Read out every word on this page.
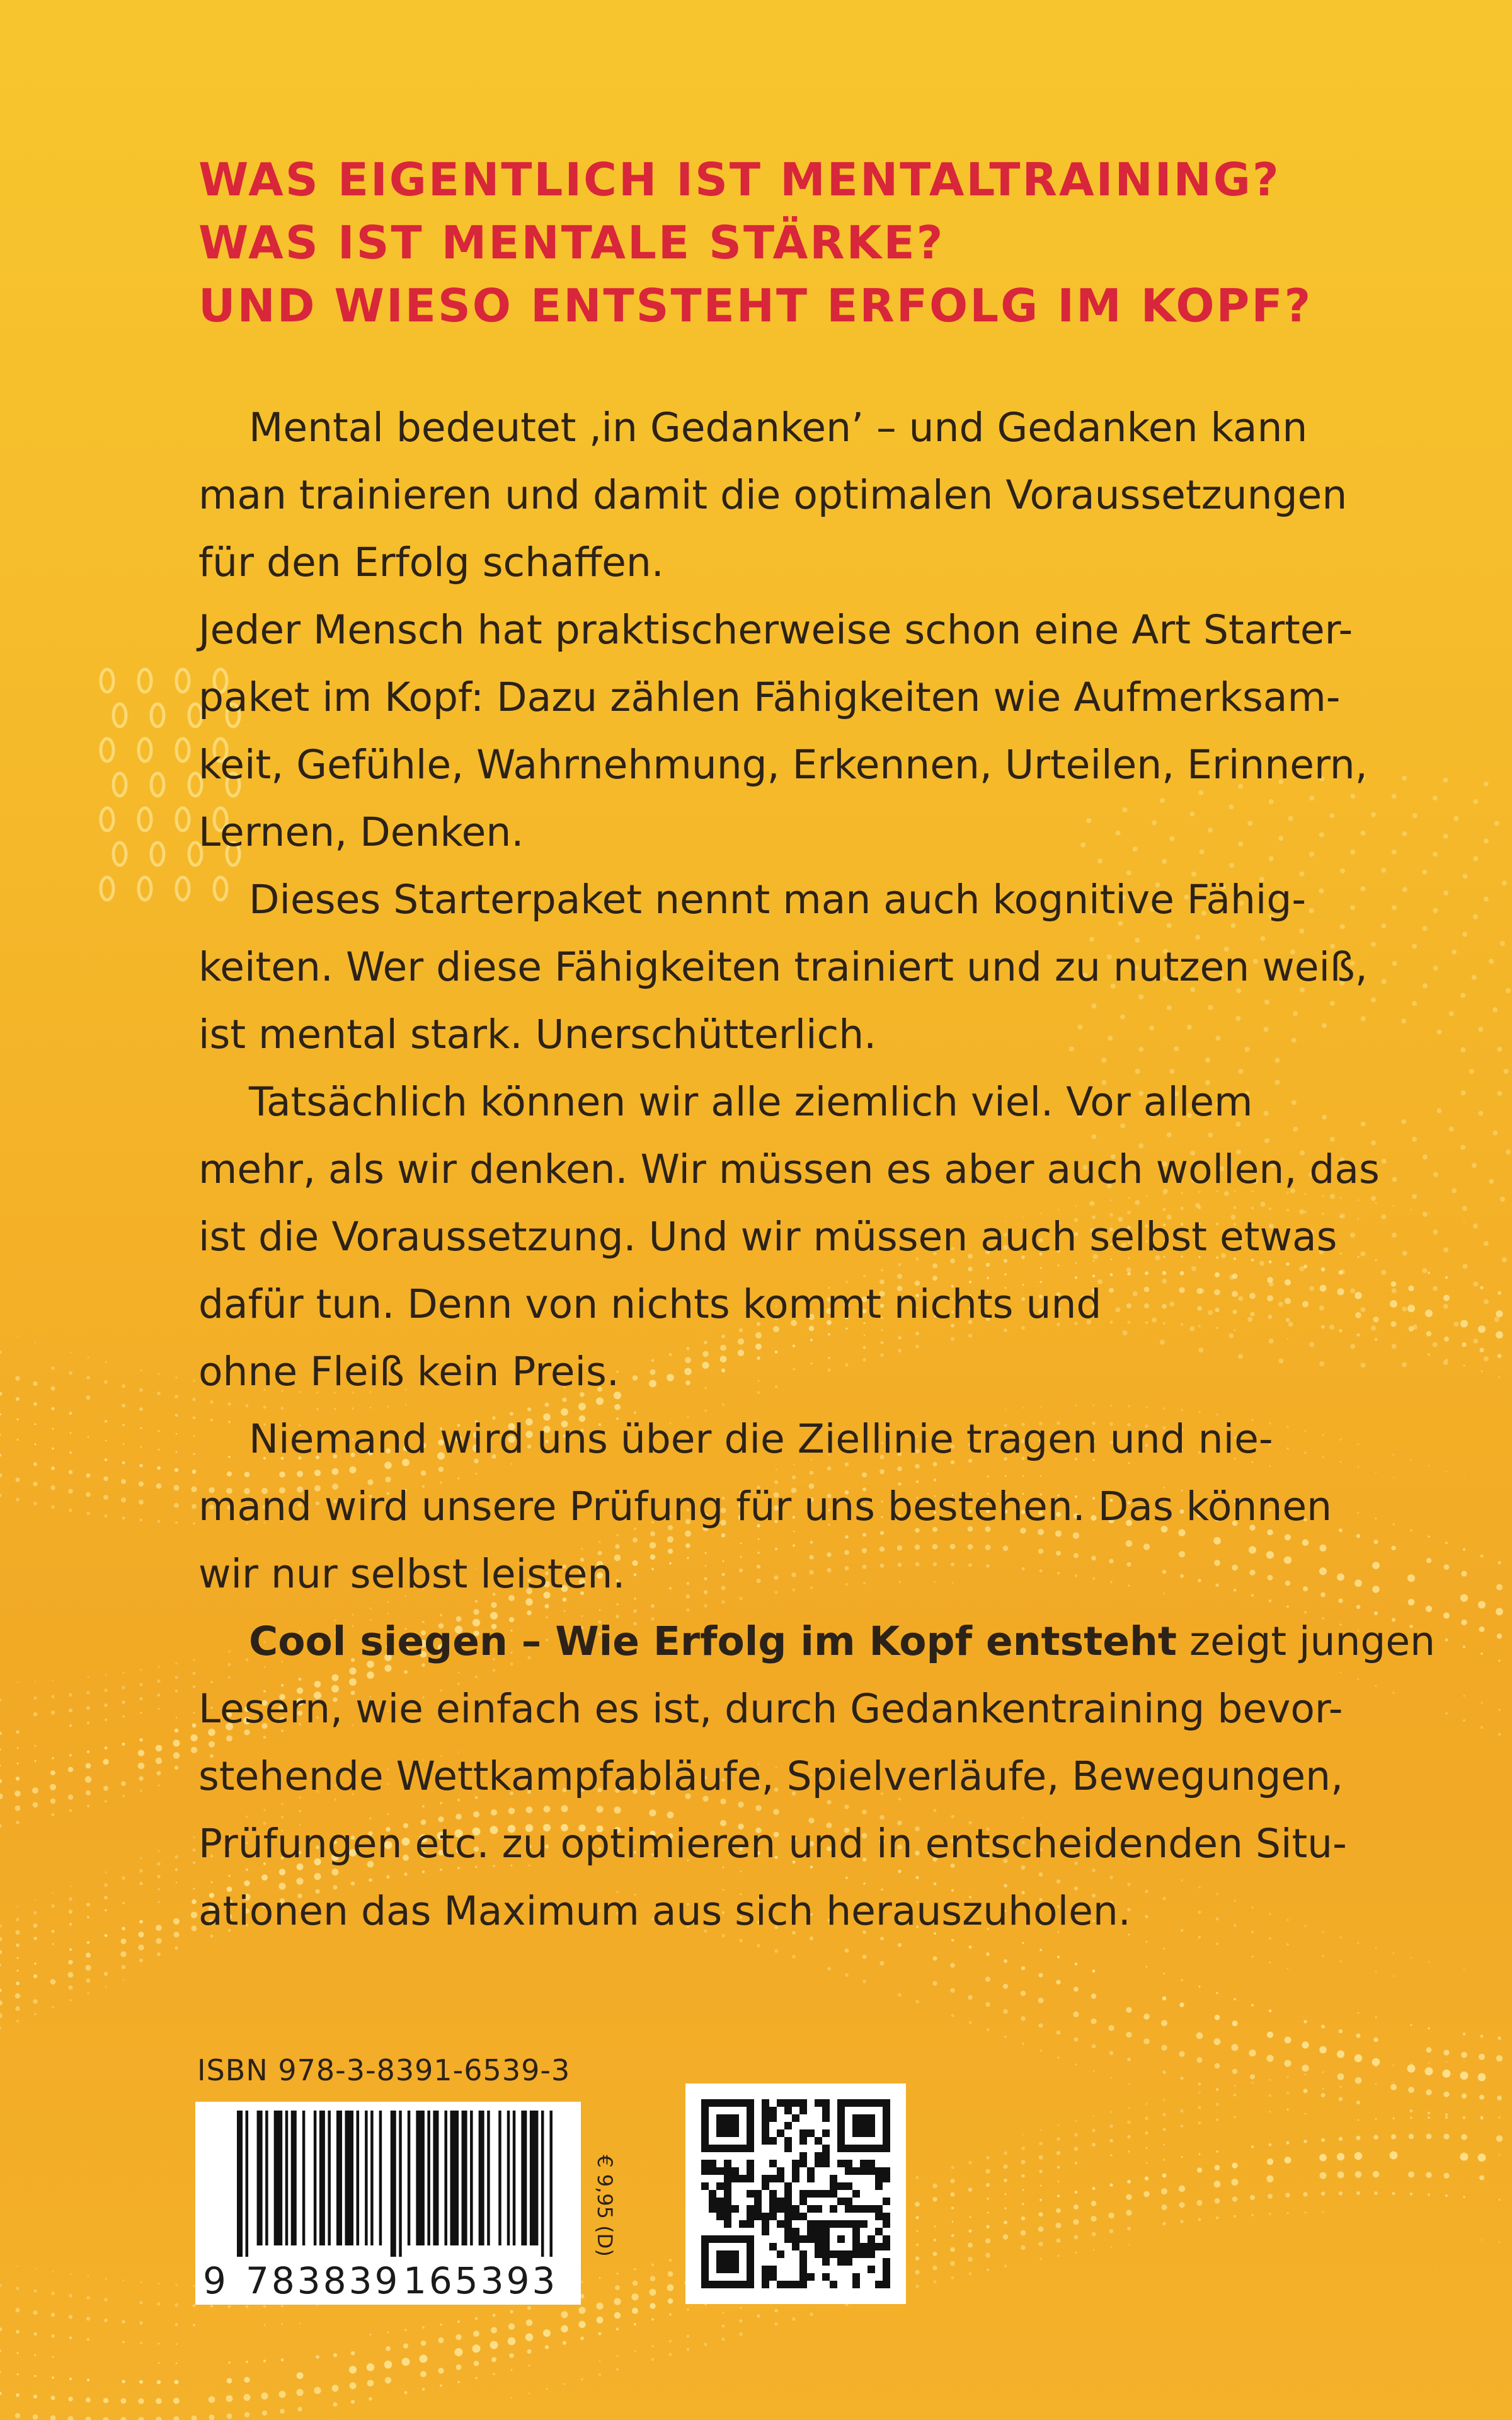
WAS EIGENTLICH IST MENTALTRAINING?
WAS IST MENTALE STÄRKE?
UND WIESO ENTSTEHT ERFOLG IM KOPF?
Mental bedeutet ‚in Gedanken’ – und Gedanken kann
man trainieren und damit die optimalen Voraussetzungen
für den Erfolg schaffen.
Jeder Mensch hat praktischerweise schon eine Art Starter-
paket im Kopf: Dazu zählen Fähigkeiten wie Aufmerksam-
keit, Gefühle, Wahrnehmung, Erkennen, Urteilen, Erinnern,
Lernen, Denken.
Dieses Starterpaket nennt man auch kognitive Fähig-
keiten. Wer diese Fähigkeiten trainiert und zu nutzen weiß,
ist mental stark. Unerschütterlich.
Tatsächlich können wir alle ziemlich viel. Vor allem
mehr, als wir denken. Wir müssen es aber auch wollen, das
ist die Voraussetzung. Und wir müssen auch selbst etwas
dafür tun. Denn von nichts kommt nichts und
ohne Fleiß kein Preis.
Niemand wird uns über die Ziellinie tragen und nie-
mand wird unsere Prüfung für uns bestehen. Das können
wir nur selbst leisten.
Cool siegen – Wie Erfolg im Kopf entsteht zeigt jungen
Lesern, wie einfach es ist, durch Gedankentraining bevor-
stehende Wettkampfabläufe, Spielverläufe, Bewegungen,
Prüfungen etc. zu optimieren und in entscheidenden Situ-
ationen das Maximum aus sich herauszuholen.
ISBN 978-3-8391-6539-3
9 783839 165393
€ 9,95 (D)
